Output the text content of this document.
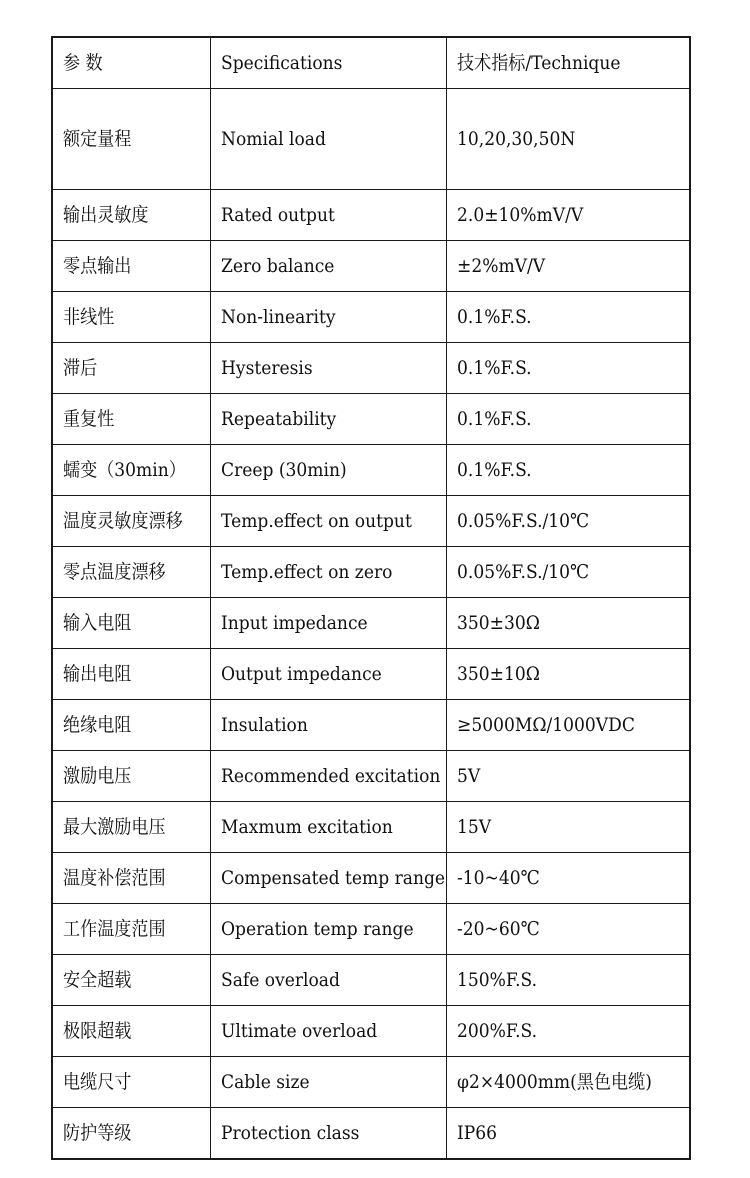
参 数	Specifications	技术指标/Technique
额定量程	Nomial load	10,20,30,50N
输出灵敏度	Rated output	2.0±10%mV/V
零点输出	Zero balance	±2%mV/V
非线性	Non-linearity	0.1%F.S.
滞后	Hysteresis	0.1%F.S.
重复性	Repeatability	0.1%F.S.
蠕变（30min）	Creep (30min)	0.1%F.S.
温度灵敏度漂移	Temp.effect on output	0.05%F.S./10℃
零点温度漂移	Temp.effect on zero	0.05%F.S./10℃
输入电阻	Input impedance	350±30Ω
输出电阻	Output impedance	350±10Ω
绝缘电阻	Insulation	≥5000MΩ/1000VDC
激励电压	Recommended excitation	5V
最大激励电压	Maxmum excitation	15V
温度补偿范围	Compensated temp range	-10~40℃
工作温度范围	Operation temp range	-20~60℃
安全超载	Safe overload	150%F.S.
极限超载	Ultimate overload	200%F.S.
电缆尺寸	Cable size	φ2×4000mm(黑色电缆)
防护等级	Protection class	IP66
